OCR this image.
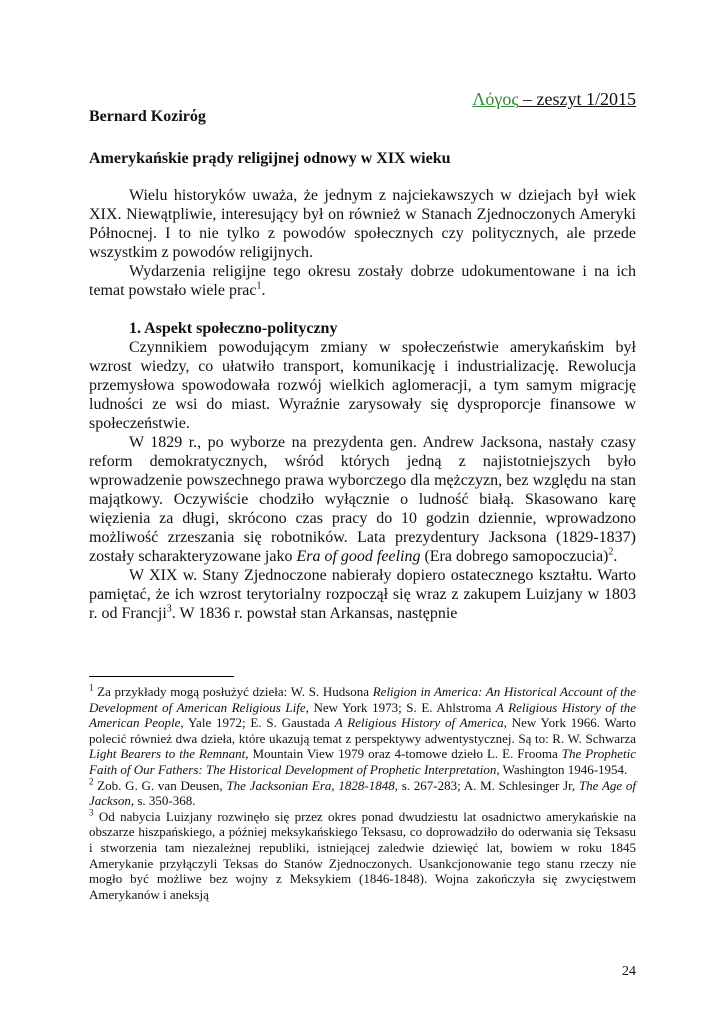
Λόγος – zeszyt 1/2015
Bernard Kozirόg
Amerykańskie prądy religijnej odnowy w XIX wieku

Wielu historyków uważa, że jednym z najciekawszych w dziejach był wiek XIX. Niewątpliwie, interesujący był on również w Stanach Zjednoczonych Ameryki Północnej. I to nie tylko z powodów społecznych czy politycznych, ale przede wszystkim z powodów religijnych.

Wydarzenia religijne tego okresu zostały dobrze udokumentowane i na ich temat powstało wiele prac$^1$.

1. Aspekt społeczno-polityczny

Czynnikiem powodującym zmiany w społeczeństwie amerykańskim był wzrost wiedzy, co ułatwiło transport, komunikację i industrializację. Rewolucja przemysłowa spowodowała rozwój wielkich aglomeracji, a tym samym migrację ludności ze wsi do miast. Wyraźnie zarysowały się dysproporcje finansowe w społeczeństwie.

W 1829 r., po wyborze na prezydenta gen. Andrew Jacksona, nastały czasy reform demokratycznych, wśród których jedną z najistotniejszych było wprowadzenie powszechnego prawa wyborczego dla mężczyzn, bez względu na stan majątkowy. Oczywiście chodziło wyłącznie o ludność białą. Skasowano karę więzienia za długi, skrócono czas pracy do 10 godzin dziennie, wprowadzono możliwość zrzeszania się robotników. Lata prezydentury Jacksona (1829-1837) zostały scharakteryzowane jako Era of good feeling (Era dobrego samopoczucia)$^2$.

W XIX w. Stany Zjednoczone nabierały dopiero ostatecznego kształtu. Warto pamiętać, że ich wzrost terytorialny rozpoczął się wraz z zakupem Luizjany w 1803 r. od Francji$^3$. W 1836 r. powstał stan Arkansas, następnie

$^1$ Za przykłady mogą posłużyć dzieła: W. S. Hudsona Religion in America: An Historical Account of the Development of American Religious Life, New York 1973; S. E. Ahlstroma A Religious History of the American People, Yale 1972; E. S. Gaustada A Religious History of America, New York 1966. Warto polecić również dwa dzieła, które ukazują temat z perspektywy adwentystycznej. Są to: R. W. Schwarza Light Bearers to the Remnant, Mountain View 1979 oraz 4-tomowe dzieło L. E. Frooma The Prophetic Faith of Our Fathers: The Historical Development of Prophetic Interpretation, Washington 1946-1954.

$^2$ Zob. G. G. van Deusen, The Jacksonian Era, 1828-1848, s. 267-283; A. M. Schlesinger Jr, The Age of Jackson, s. 350-368.

$^3$ Od nabycia Luizjany rozwinęło się przez okres ponad dwudziestu lat osadnictwo amerykańskie na obszarze hiszpańskiego, a później meksykańskiego Teksasu, co doprowadziło do oderwania się Teksasu i stworzenia tam niezależnej republiki, istniejącej zaledwie dziewięć lat, bowiem w roku 1845 Amerykanie przyłączyli Teksas do Stanów Zjednoczonych. Usankcjonowanie tego stanu rzeczy nie mogło być możliwe bez wojny z Meksykiem (1846-1848). Wojna zakończyła się zwycięstwem Amerykanów i aneksją

24
